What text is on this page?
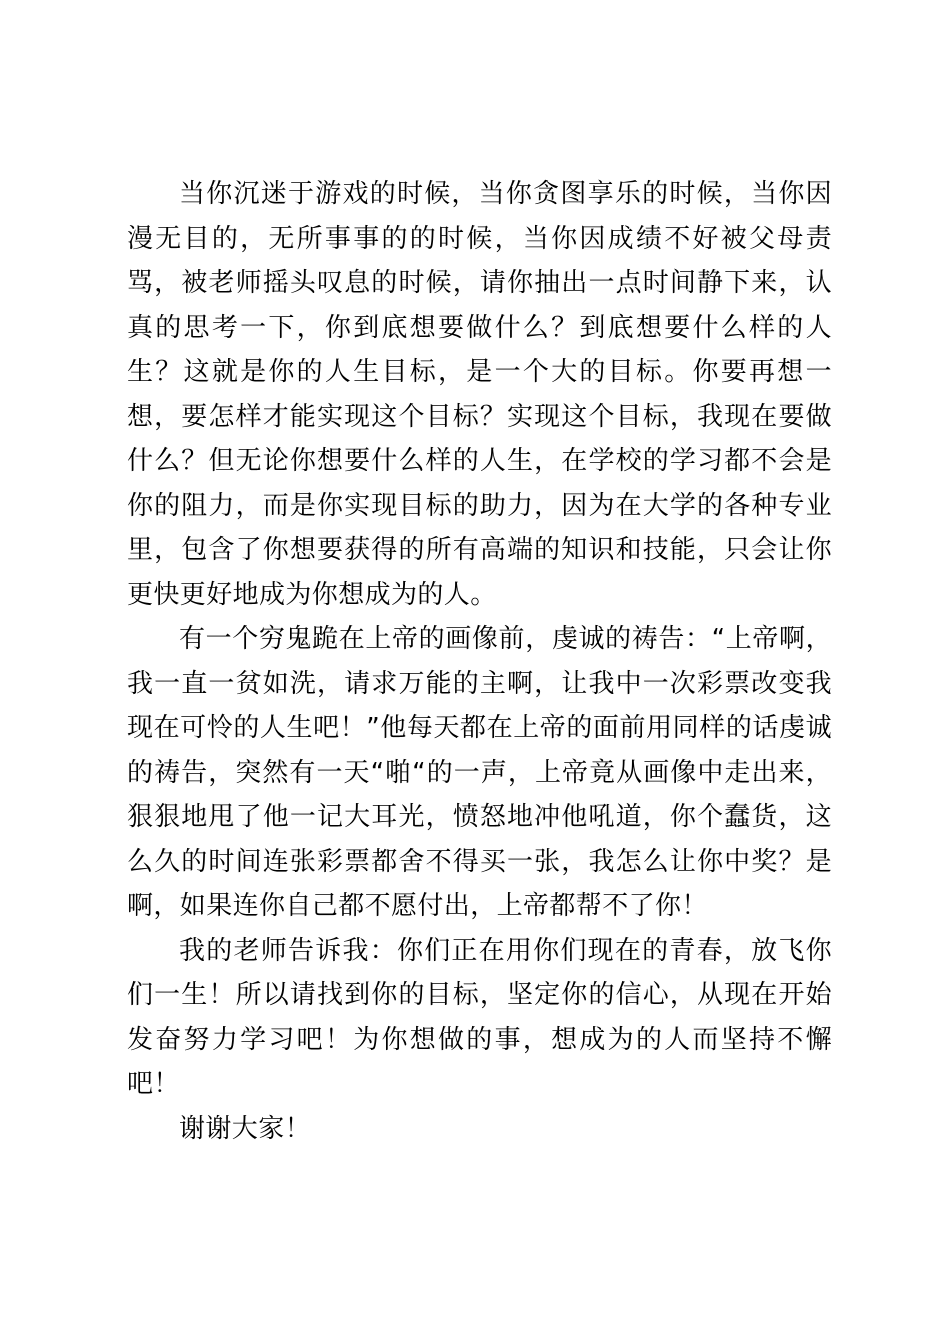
当你沉迷于游戏的时候，当你贪图享乐的时候，当你因漫无目的，无所事事的的时候，当你因成绩不好被父母责骂，被老师摇头叹息的时候，请你抽出一点时间静下来，认真的思考一下，你到底想要做什么？到底想要什么样的人生？这就是你的人生目标，是一个大的目标。你要再想一想，要怎样才能实现这个目标？实现这个目标，我现在要做什么？但无论你想要什么样的人生，在学校的学习都不会是你的阻力，而是你实现目标的助力，因为在大学的各种专业里，包含了你想要获得的所有高端的知识和技能，只会让你更快更好地成为你想成为的人。

有一个穷鬼跪在上帝的画像前，虔诚的祷告：“上帝啊，我一直一贫如洗，请求万能的主啊，让我中一次彩票改变我现在可怜的人生吧！”他每天都在上帝的面前用同样的话虔诚的祷告，突然有一天“啪“的一声，上帝竟从画像中走出来，狠狠地甩了他一记大耳光，愤怒地冲他吼道，你个蠢货，这么久的时间连张彩票都舍不得买一张，我怎么让你中奖？是啊，如果连你自己都不愿付出，上帝都帮不了你！

我的老师告诉我：你们正在用你们现在的青春，放飞你们一生！所以请找到你的目标，坚定你的信心，从现在开始发奋努力学习吧！为你想做的事，想成为的人而坚持不懈吧！

谢谢大家！
